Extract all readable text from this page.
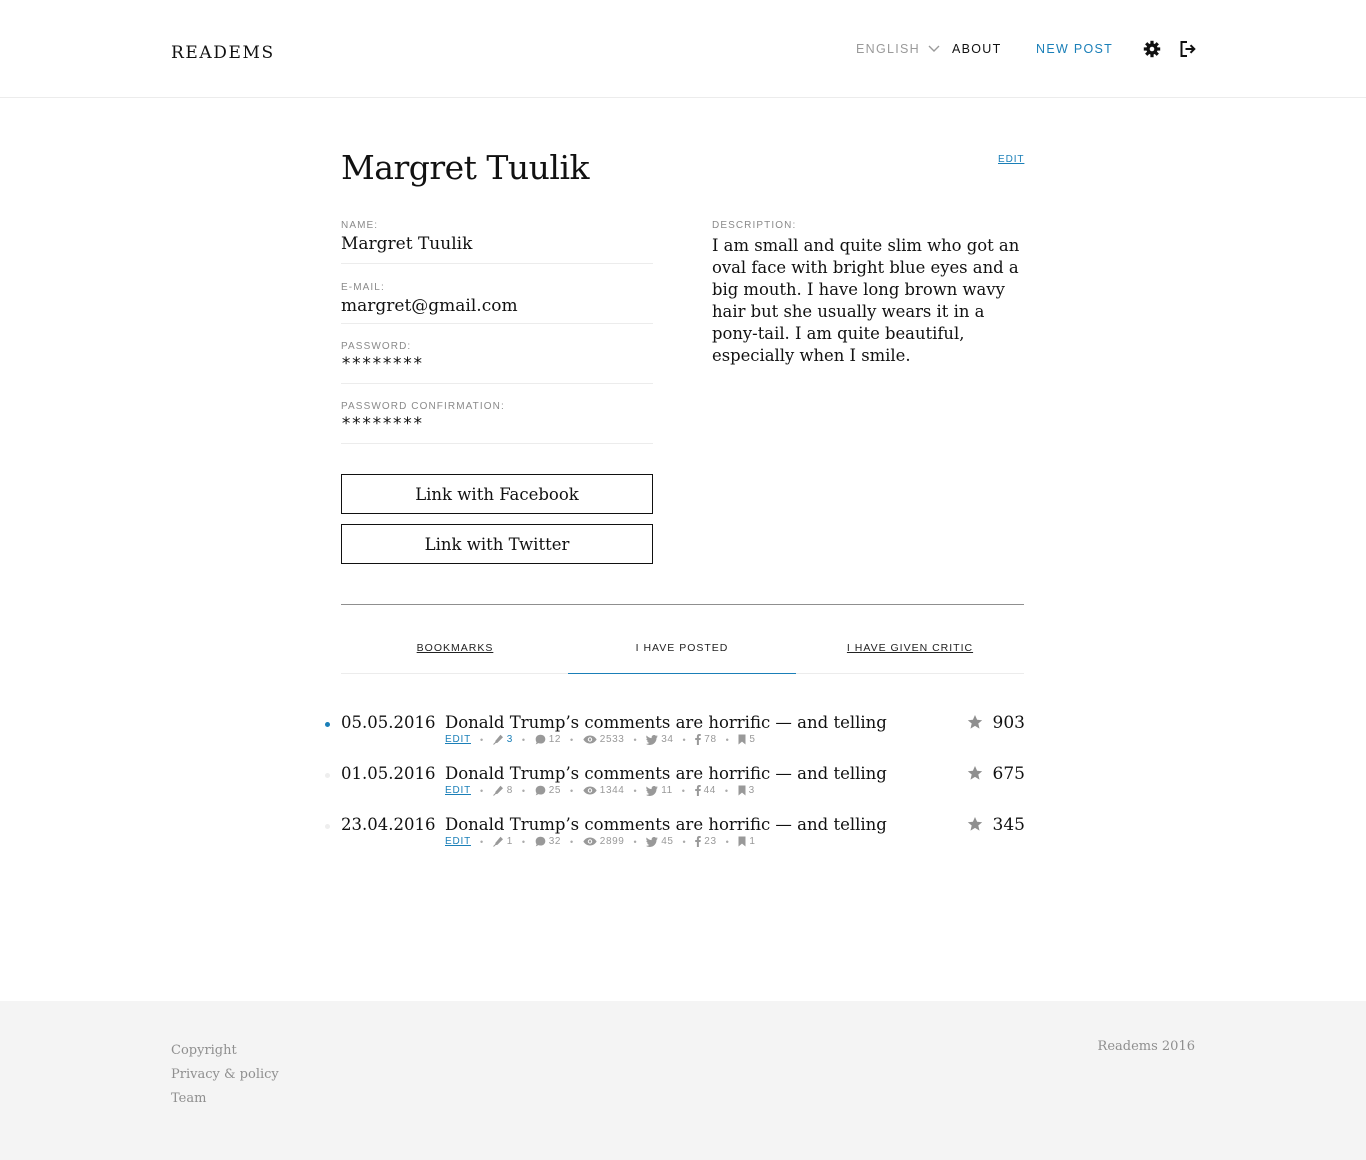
READEMS	ENGLISH	ABOUT	NEW POST
Margret Tuulik	EDIT
NAME:
Margret Tuulik
E-MAIL:
margret@gmail.com
PASSWORD:
********
PASSWORD CONFIRMATION:
********
DESCRIPTION:
I am small and quite slim who got an oval face with bright blue eyes and a big mouth. I have long brown wavy hair but she usually wears it in a pony-tail. I am quite beautiful, especially when I smile.
Link with Facebook
Link with Twitter
BOOKMARKS	I HAVE POSTED	I HAVE GIVEN CRITIC
05.05.2016 Donald Trump’s comments are horrific — and telling	903
EDIT • 3 • 12 •	2533 • 34 • 78 • 5
01.05.2016 Donald Trump’s comments are horrific — and telling	675
EDIT • 8 • 25 •	1344 • 11 • 44 • 3
23.04.2016 Donald Trump’s comments are horrific — and telling	345
EDIT • 1 • 32 •	2899 • 45 • 23 • 1
Copyright
Privacy & policy
Team
Readems 2016
